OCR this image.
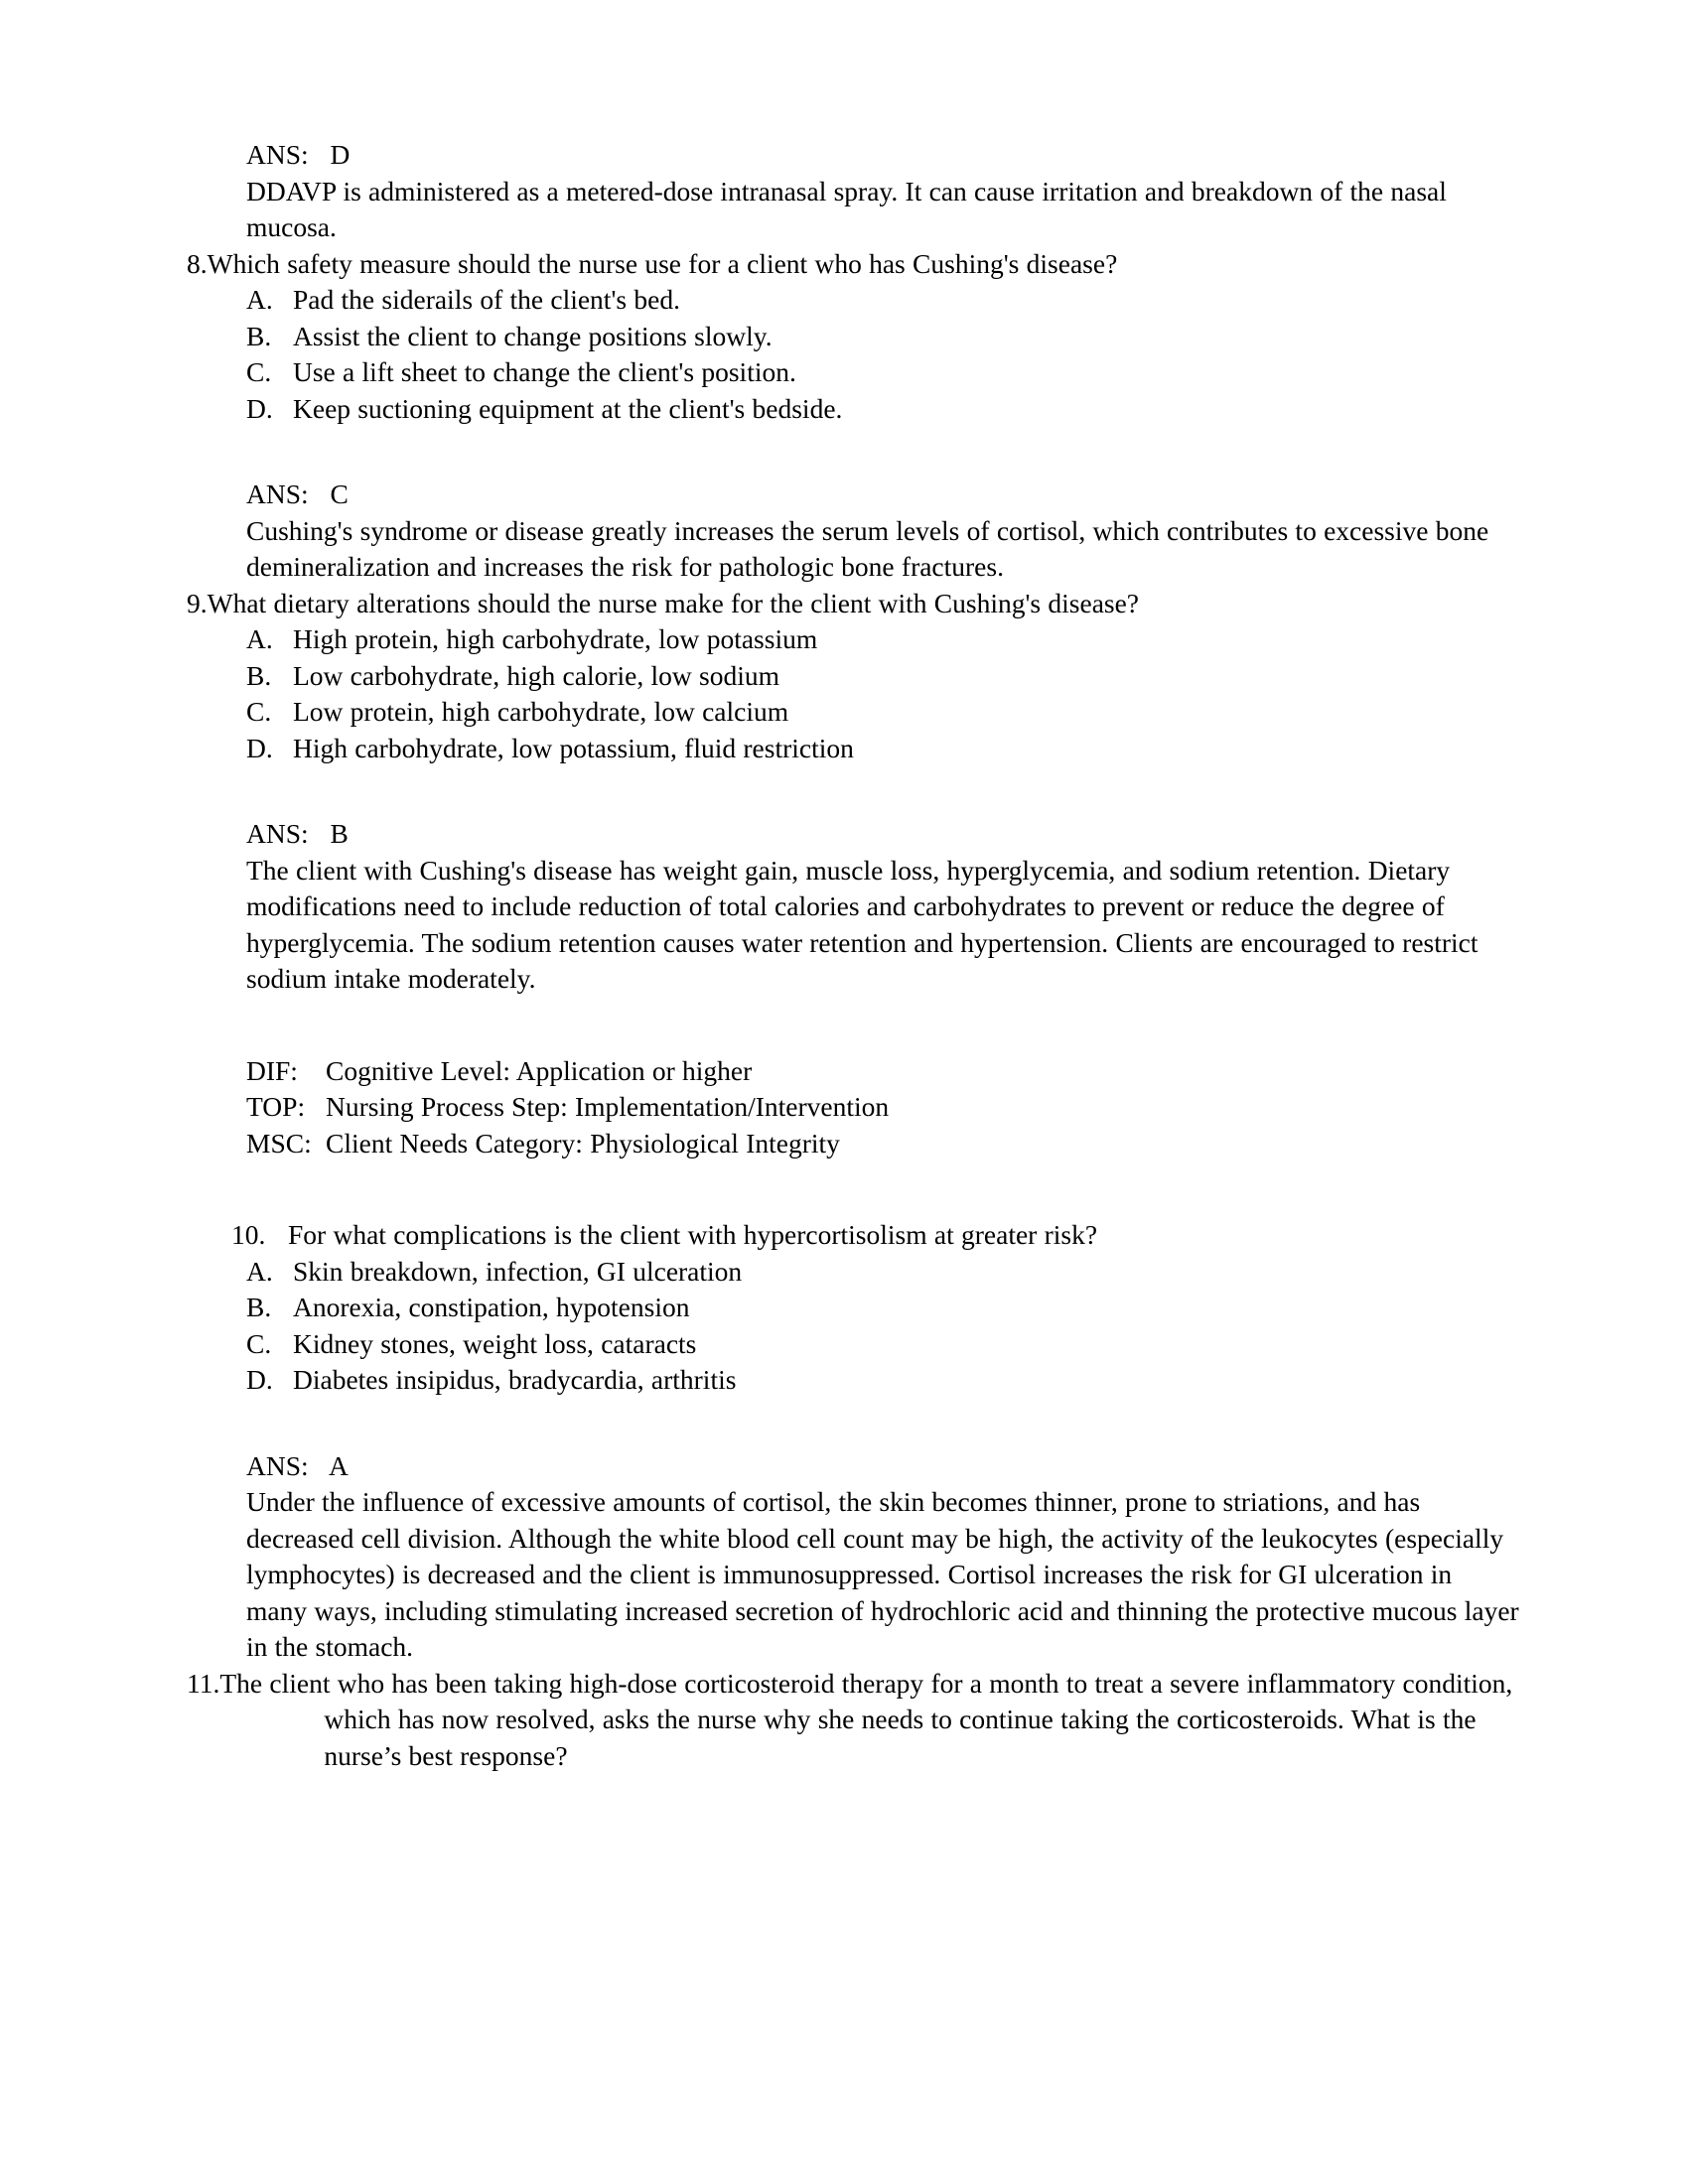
ANS:   D

DDAVP is administered as a metered-dose intranasal spray. It can cause irritation and breakdown of the nasal mucosa.

8. Which safety measure should the nurse use for a client who has Cushing's disease?

A. Pad the siderails of the client's bed.
B. Assist the client to change positions slowly.
C. Use a lift sheet to change the client's position.
D. Keep suctioning equipment at the client's bedside.
ANS:   C

Cushing's syndrome or disease greatly increases the serum levels of cortisol, which contributes to excessive bone demineralization and increases the risk for pathologic bone fractures.

9. What dietary alterations should the nurse make for the client with Cushing's disease?

A. High protein, high carbohydrate, low potassium
B. Low carbohydrate, high calorie, low sodium
C. Low protein, high carbohydrate, low calcium
D. High carbohydrate, low potassium, fluid restriction
ANS:   B

The client with Cushing's disease has weight gain, muscle loss, hyperglycemia, and sodium retention. Dietary modifications need to include reduction of total calories and carbohydrates to prevent or reduce the degree of hyperglycemia. The sodium retention causes water retention and hypertension. Clients are encouraged to restrict sodium intake moderately.

DIF:	Cognitive Level: Application or higher
TOP: Nursing Process Step: Implementation/Intervention
MSC: Client Needs Category: Physiological Integrity
10. For what complications is the client with hypercortisolism at greater risk?

A. Skin breakdown, infection, GI ulceration
B. Anorexia, constipation, hypotension
C. Kidney stones, weight loss, cataracts
D. Diabetes insipidus, bradycardia, arthritis
ANS:   A

Under the influence of excessive amounts of cortisol, the skin becomes thinner, prone to striations, and has decreased cell division. Although the white blood cell count may be high, the activity of the leukocytes (especially lymphocytes) is decreased and the client is immunosuppressed. Cortisol increases the risk for GI ulceration in many ways, including stimulating increased secretion of hydrochloric acid and thinning the protective mucous layer in the stomach.

11. The client who has been taking high-dose corticosteroid therapy for a month to treat a severe inflammatory condition, which has now resolved, asks the nurse why she needs to continue taking the corticosteroids. What is the nurse’s best response?
